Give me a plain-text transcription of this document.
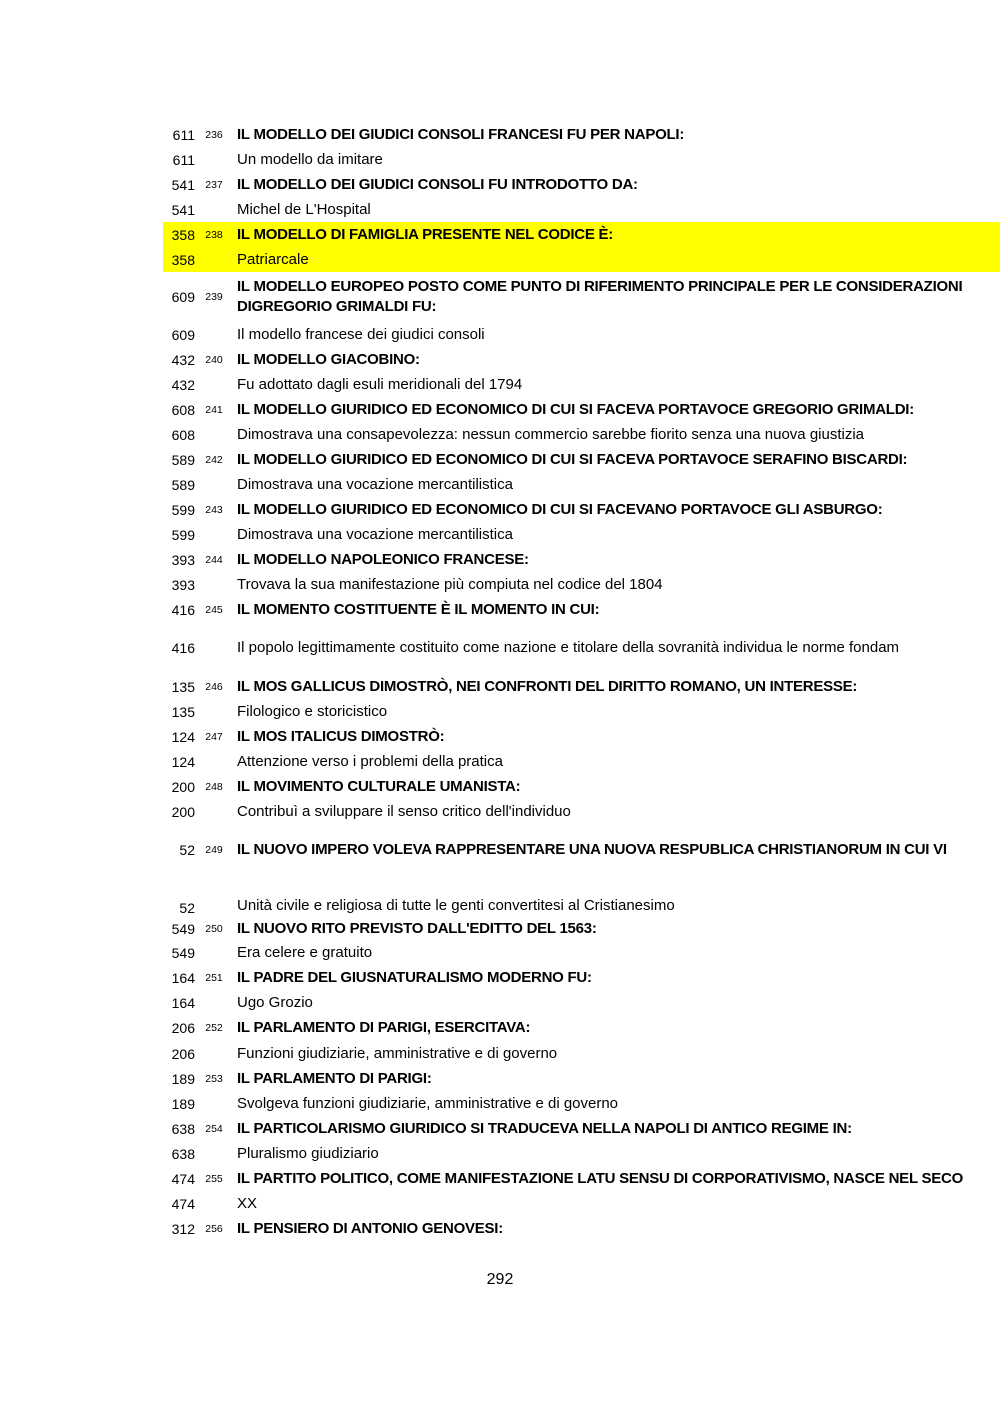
611 236 IL MODELLO DEI GIUDICI CONSOLI FRANCESI FU PER NAPOLI:
611	Un modello da imitare
541 237 IL MODELLO DEI GIUDICI CONSOLI FU INTRODOTTO DA:
541	Michel de L'Hospital
358 238 IL MODELLO DI FAMIGLIA PRESENTE NEL CODICE È:
358	Patriarcale
609 239
IL MODELLO EUROPEO POSTO COME PUNTO DI RIFERIMENTO PRINCIPALE PER LE CONSIDERAZIONI DIGREGORIO GRIMALDI FU:
609	Il modello francese dei giudici consoli
432 240 IL MODELLO GIACOBINO:
432	Fu adottato dagli esuli meridionali del 1794
608 241 IL MODELLO GIURIDICO ED ECONOMICO DI CUI SI FACEVA PORTAVOCE GREGORIO GRIMALDI:
608	Dimostrava una consapevolezza: nessun commercio sarebbe fiorito senza una nuova giustizia
589 242 IL MODELLO GIURIDICO ED ECONOMICO DI CUI SI FACEVA PORTAVOCE SERAFINO BISCARDI:
589	Dimostrava una vocazione mercantilistica
599 243 IL MODELLO GIURIDICO ED ECONOMICO DI CUI SI FACEVANO PORTAVOCE GLI ASBURGO:
599	Dimostrava una vocazione mercantilistica
393 244 IL MODELLO NAPOLEONICO FRANCESE:
393	Trovava la sua manifestazione più compiuta nel codice del 1804
416 245 IL MOMENTO COSTITUENTE È IL MOMENTO IN CUI:
416	Il popolo legittimamente costituito come nazione e titolare della sovranità individua le norme fondam
135 246 IL MOS GALLICUS DIMOSTRÒ, NEI CONFRONTI DEL DIRITTO ROMANO, UN INTERESSE:
135	Filologico e storicistico
124 247 IL MOS ITALICUS DIMOSTRÒ:
124	Attenzione verso i problemi della pratica
200 248 IL MOVIMENTO CULTURALE UMANISTA:
200	Contribuì a sviluppare il senso critico dell'individuo
52 249 IL NUOVO IMPERO VOLEVA RAPPRESENTARE UNA NUOVA RESPUBLICA CHRISTIANORUM IN CUI VI
52	Unità civile e religiosa di tutte le genti convertitesi al Cristianesimo
549 250 IL NUOVO RITO PREVISTO DALL'EDITTO DEL 1563:
549	Era celere e gratuito
164 251 IL PADRE DEL GIUSNATURALISMO MODERNO FU:
164	Ugo Grozio
206 252 IL PARLAMENTO DI PARIGI, ESERCITAVA:
206	Funzioni giudiziarie, amministrative e di governo
189 253 IL PARLAMENTO DI PARIGI:
189	Svolgeva funzioni giudiziarie, amministrative e di governo
638 254 IL PARTICOLARISMO GIURIDICO SI TRADUCEVA NELLA NAPOLI DI ANTICO REGIME IN:
638	Pluralismo giudiziario
474 255 IL PARTITO POLITICO, COME MANIFESTAZIONE LATU SENSU DI CORPORATIVISMO, NASCE NEL SECO
474	XX
312 256 IL PENSIERO DI ANTONIO GENOVESI:
292
